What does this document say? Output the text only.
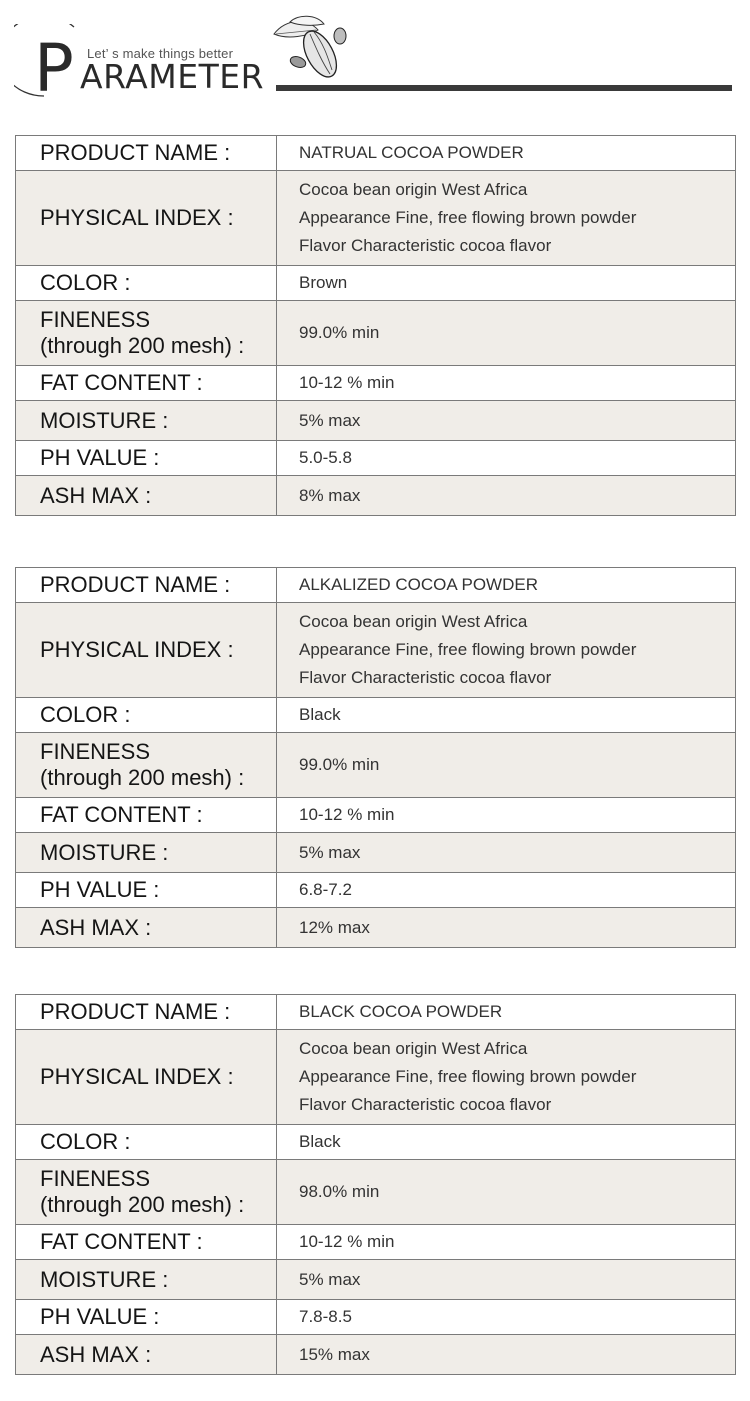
P Let’ s make things better
ARAMETER
PRODUCT NAME :	NATRUAL COCOA POWDER
PHYSICAL INDEX :	Cocoa bean origin West Africa
Appearance Fine, free flowing brown powder
Flavor Characteristic cocoa flavor

COLOR :	Brown

FINENESS
(through 200 mesh) :	99.0% min
FAT CONTENT :	10-12 % min
MOISTURE :	5% max
PH VALUE :	5.0-5.8
ASH MAX :	8% max
PRODUCT NAME :	ALKALIZED COCOA POWDER
PHYSICAL INDEX :	Cocoa bean origin West Africa
Appearance Fine, free flowing brown powder
Flavor Characteristic cocoa flavor

COLOR :	Black

FINENESS
(through 200 mesh) :	99.0% min
FAT CONTENT :	10-12 % min
MOISTURE :	5% max
PH VALUE :	6.8-7.2
ASH MAX :	12% max
PRODUCT NAME :	BLACK COCOA POWDER
PHYSICAL INDEX :	Cocoa bean origin West Africa
Appearance Fine, free flowing brown powder
Flavor Characteristic cocoa flavor

COLOR :	Black

FINENESS
(through 200 mesh) :	98.0% min
FAT CONTENT :	10-12 % min
MOISTURE :	5% max
PH VALUE :	7.8-8.5
ASH MAX :	15% max
